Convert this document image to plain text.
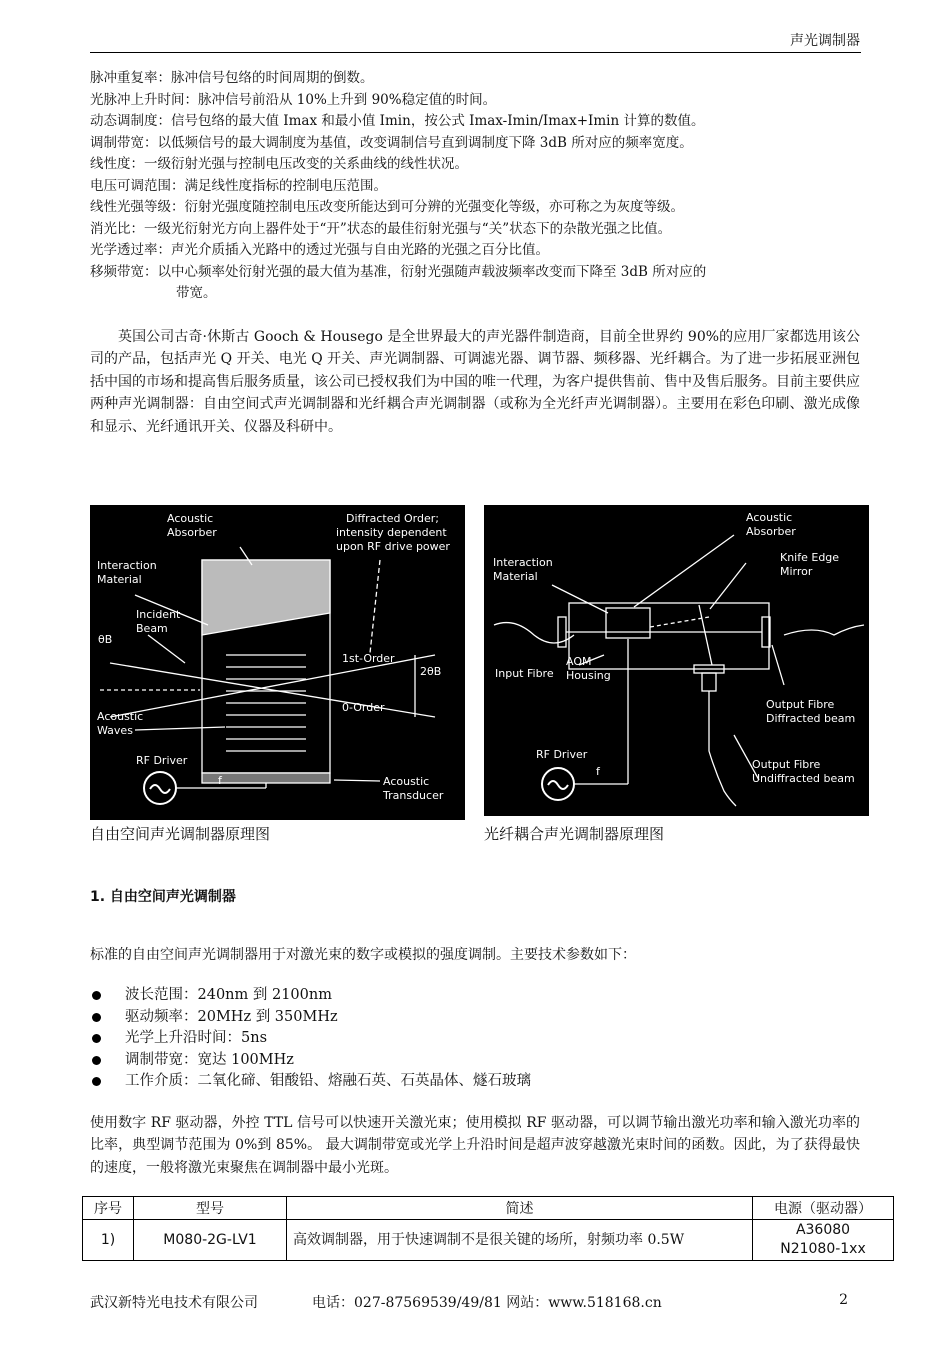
声光调制器
脉冲重复率：脉冲信号包络的时间周期的倒数。
光脉冲上升时间：脉冲信号前沿从 10%上升到 90%稳定值的时间。
动态调制度：信号包络的最大值 Imax 和最小值 Imin，按公式 Imax-Imin/Imax+Imin 计算的数值。
调制带宽：以低频信号的最大调制度为基值，改变调制信号直到调制度下降 3dB 所对应的频率宽度。
线性度：一级衍射光强与控制电压改变的关系曲线的线性状况。
电压可调范围：满足线性度指标的控制电压范围。
线性光强等级：衍射光强度随控制电压改变所能达到可分辨的光强变化等级，亦可称之为灰度等级。
消光比：一级光衍射光方向上器件处于“开”状态的最佳衍射光强与“关”状态下的杂散光强之比值。
光学透过率：声光介质插入光路中的透过光强与自由光路的光强之百分比值。
移频带宽：以中心频率处衍射光强的最大值为基准，衍射光强随声载波频率改变而下降至 3dB 所对应的
带宽。

英国公司古奇·休斯古 Gooch & Housego 是全世界最大的声光器件制造商，目前全世界约 90%的应用厂家都选用该公司的产品，包括声光 Q 开关、电光 Q 开关、声光调制器、可调滤光器、调节器、频移器、光纤耦合。为了进一步拓展亚洲包括中国的市场和提高售后服务质量，该公司已授权我们为中国的唯一代理，为客户提供售前、售中及售后服务。目前主要供应两种声光调制器：自由空间式声光调制器和光纤耦合声光调制器（或称为全光纤声光调制器）。主要用在彩色印刷、激光成像和显示、光纤通讯开关、仪器及科研中。

Acoustic
Absorber
Diffracted Order;
intensity dependent
upon RF drive power
Interaction
Material
Incident
Beam
θB
1st-Order
2θB
0-Order
Acoustic
Waves
RF Driver
f	Acoustic
Transducer
Acoustic
Absorber
Knife Edge
Mirror
Interaction
Material
AOM
Housing
Input Fibre
Output Fibre
Diffracted beam
RF Driver
f
Output Fibre
Undiffracted beam
自由空间声光调制器原理图	光纤耦合声光调制器原理图
1. 自由空间声光调制器
标准的自由空间声光调制器用于对激光束的数字或模拟的强度调制。主要技术参数如下：
波长范围：240nm 到 2100nm
驱动频率：20MHz 到 350MHz
光学上升沿时间：5ns
调制带宽：宽达 100MHz
工作介质：二氧化碲、钼酸铅、熔融石英、石英晶体、燧石玻璃
使用数字 RF 驱动器，外控 TTL 信号可以快速开关激光束；使用模拟 RF 驱动器，可以调节输出激光功率和输入激光功率的比率，典型调节范围为 0%到 85%。 最大调制带宽或光学上升沿时间是超声波穿越激光束时间的函数。因此，为了获得最快的速度，一般将激光束聚焦在调制器中最小光斑。
序号	型号	简述	电源（驱动器）
1)	M080-2G-LV1	高效调制器，用于快速调制不是很关键的场所，射频功率 0.5W	A36080
N21080-1xx
武汉新特光电技术有限公司	电话：027-87569539/49/81 网站：www.518168.cn	2
